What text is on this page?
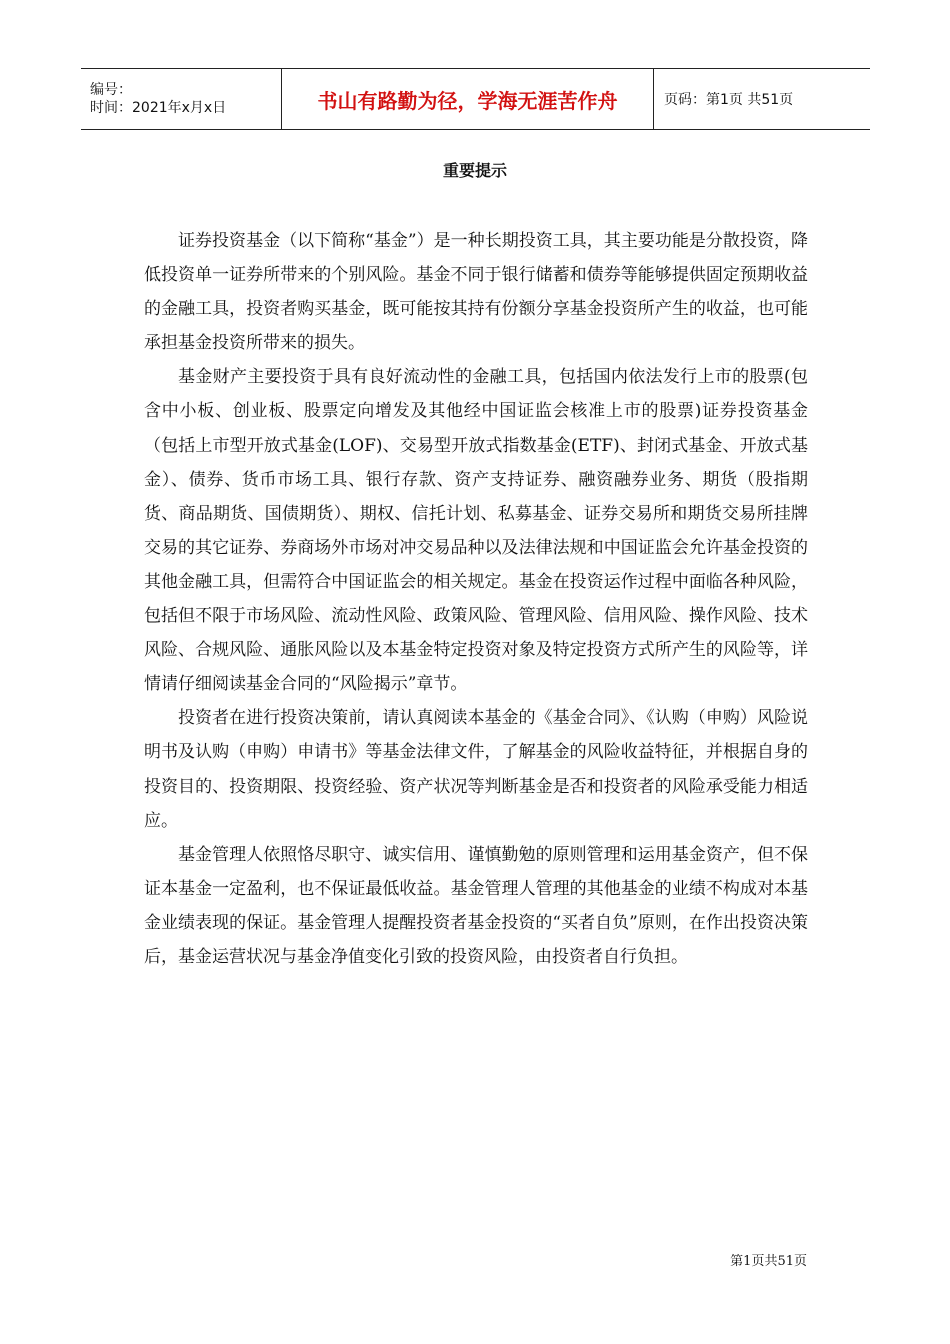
编号：
时间：2021年x月x日	书山有路勤为径，学海无涯苦作舟	页码：第1页 共51页
重要提示

证券投资基金（以下简称“基金”）是一种长期投资工具，其主要功能是分散投资，降低投资单一证券所带来的个别风险。基金不同于银行储蓄和债券等能够提供固定预期收益的金融工具，投资者购买基金，既可能按其持有份额分享基金投资所产生的收益，也可能承担基金投资所带来的损失。

基金财产主要投资于具有良好流动性的金融工具，包括国内依法发行上市的股票(包含中小板、创业板、股票定向增发及其他经中国证监会核准上市的股票)证券投资基金（包括上市型开放式基金(LOF)、交易型开放式指数基金(ETF)、封闭式基金、开放式基金）、债券、货币市场工具、银行存款、资产支持证券、融资融券业务、期货（股指期货、商品期货、国债期货）、期权、信托计划、私募基金、证券交易所和期货交易所挂牌交易的其它证券、券商场外市场对冲交易品种以及法律法规和中国证监会允许基金投资的其他金融工具，但需符合中国证监会的相关规定。基金在投资运作过程中面临各种风险，包括但不限于市场风险、流动性风险、政策风险、管理风险、信用风险、操作风险、技术风险、合规风险、通胀风险以及本基金特定投资对象及特定投资方式所产生的风险等，详情请仔细阅读基金合同的“风险揭示”章节。

投资者在进行投资决策前，请认真阅读本基金的《基金合同》、《认购（申购）风险说明书及认购（申购）申请书》等基金法律文件，了解基金的风险收益特征，并根据自身的投资目的、投资期限、投资经验、资产状况等判断基金是否和投资者的风险承受能力相适应。

基金管理人依照恪尽职守、诚实信用、谨慎勤勉的原则管理和运用基金资产，但不保证本基金一定盈利，也不保证最低收益。基金管理人管理的其他基金的业绩不构成对本基金业绩表现的保证。基金管理人提醒投资者基金投资的“买者自负”原则，在作出投资决策后，基金运营状况与基金净值变化引致的投资风险，由投资者自行负担。

第1页共51页
